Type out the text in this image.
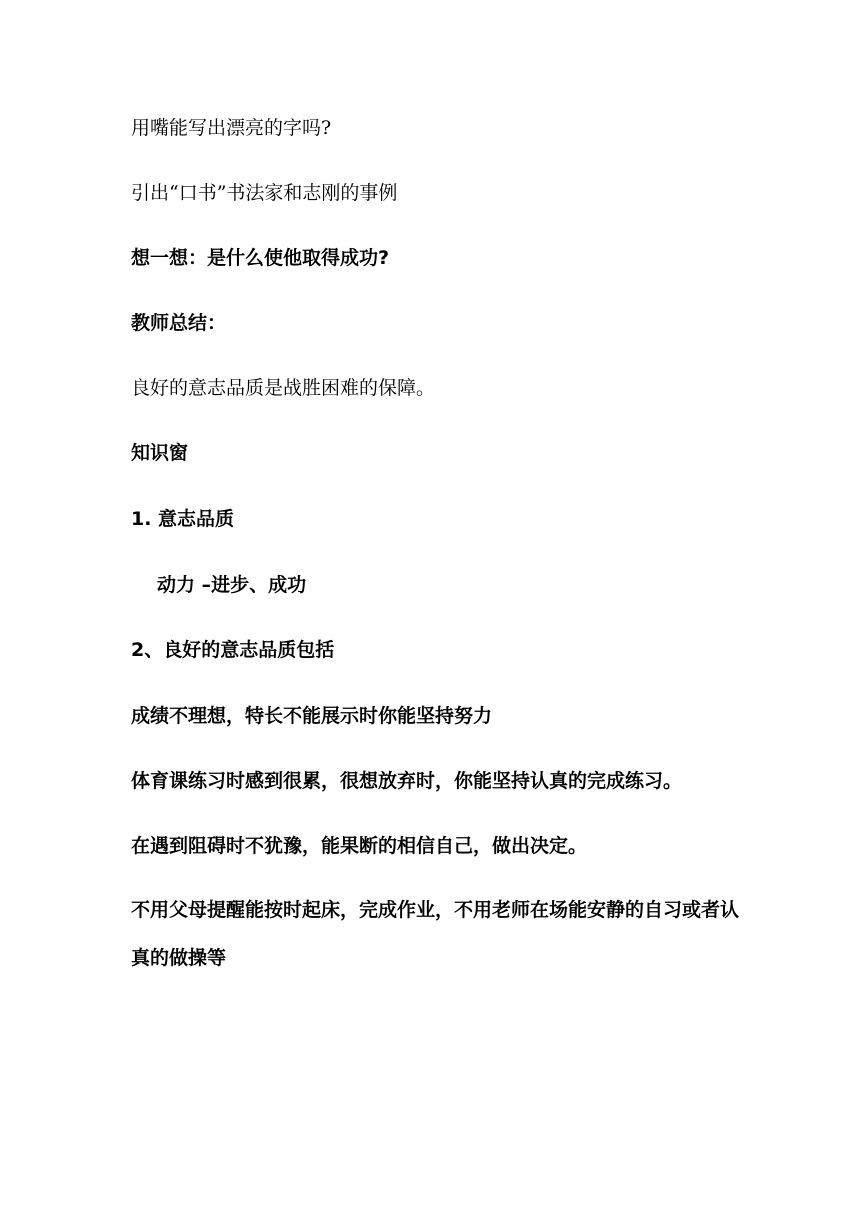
用嘴能写出漂亮的字吗?

引出“口书”书法家和志刚的事例

想一想：是什么使他取得成功?

教师总结：

良好的意志品质是战胜困难的保障。

知识窗

1. 意志品质

动力 –进步、成功

2、良好的意志品质包括

成绩不理想，特长不能展示时你能坚持努力

体育课练习时感到很累，很想放弃时，你能坚持认真的完成练习。

在遇到阻碍时不犹豫，能果断的相信自己，做出决定。

不用父母提醒能按时起床，完成作业，不用老师在场能安静的自习或者认真的做操等
